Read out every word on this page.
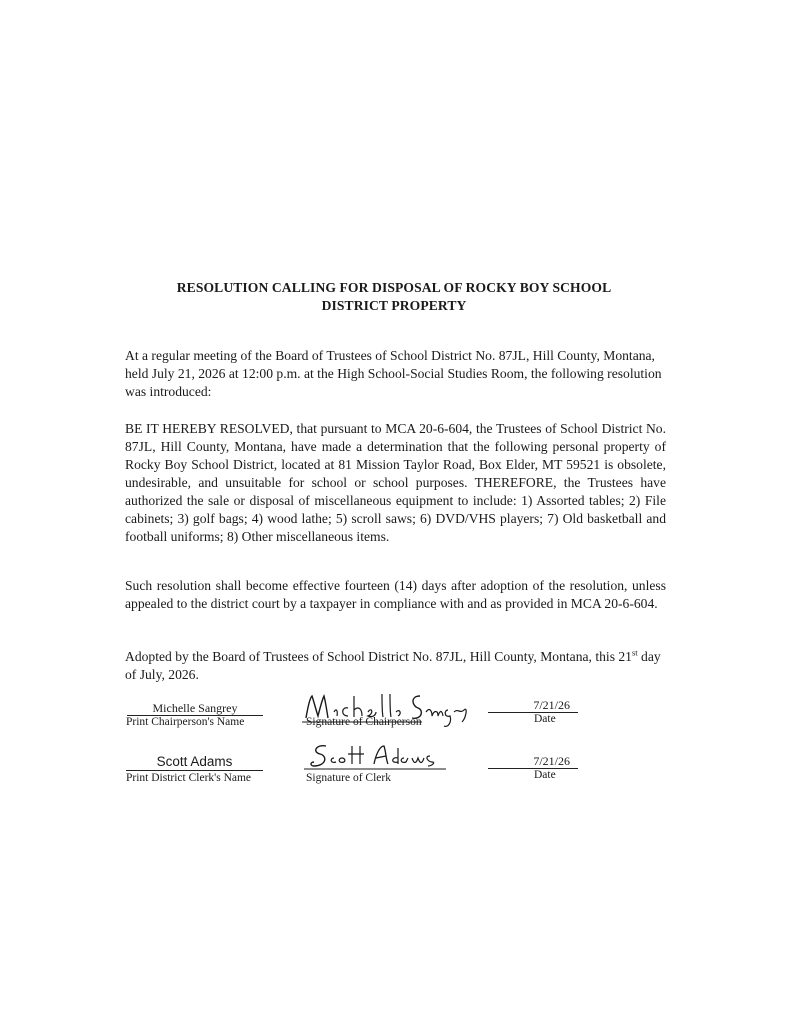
RESOLUTION CALLING FOR DISPOSAL OF ROCKY BOY SCHOOL
DISTRICT PROPERTY

At a regular meeting of the Board of Trustees of School District No. 87JL, Hill County, Montana, held July 21, 2026 at 12:00 p.m. at the High School-Social Studies Room, the following resolution was introduced:

BE IT HEREBY RESOLVED, that pursuant to MCA 20-6-604, the Trustees of School District No. 87JL, Hill County, Montana, have made a determination that the following personal property of Rocky Boy School District, located at 81 Mission Taylor Road, Box Elder, MT 59521 is obsolete, undesirable, and unsuitable for school or school purposes. THEREFORE, the Trustees have authorized the sale or disposal of miscellaneous equipment to include: 1) Assorted tables; 2) File cabinets; 3) golf bags; 4) wood lathe; 5) scroll saws; 6) DVD/VHS players; 7) Old basketball and football uniforms; 8) Other miscellaneous items.

Such resolution shall become effective fourteen (14) days after adoption of the resolution, unless appealed to the district court by a taxpayer in compliance with and as provided in MCA 20-6-604.

Adopted by the Board of Trustees of School District No. 87JL, Hill County, Montana, this 21st day of July, 2026.

Michelle Sangrey
Print Chairperson's Name	Signature of Chairperson
7/21/26
Date
Scott Adams
Print District Clerk's Name	Signature of Clerk
7/21/26
Date
